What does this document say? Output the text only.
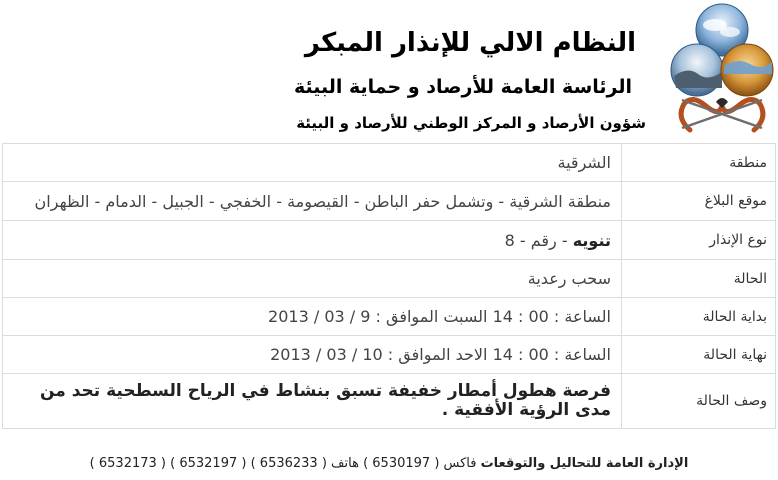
النظام الالي للإنذار المبكر
الرئاسة العامة للأرصاد و حماية البيئة
شؤون الأرصاد و المركز الوطني للأرصاد و البيئة
منطقة	الشرقية
موقع البلاغ	منطقة الشرقية - وتشمل حفر الباطن - القيصومة - الخفجي - الجبيل - الدمام - الظهران
نوع الإنذار	تنويه - رقم - 8
الحالة	سحب رعدية
بداية الحالة	الساعة : 00 : 14 السبت الموافق : 9 / 03 / 2013
نهاية الحالة	الساعة : 00 : 14 الاحد الموافق : 10 / 03 / 2013
وصف الحالة	فرصة هطول أمطار خفيفة تسبق بنشاط في الرياح السطحية تحد من مدى الرؤية الأفقية .
الإدارة العامة للتحاليل والتوقعات فاكس ( 6530197 ) هاتف ( 6536233 ) ( 6532197 ) ( 6532173 )
